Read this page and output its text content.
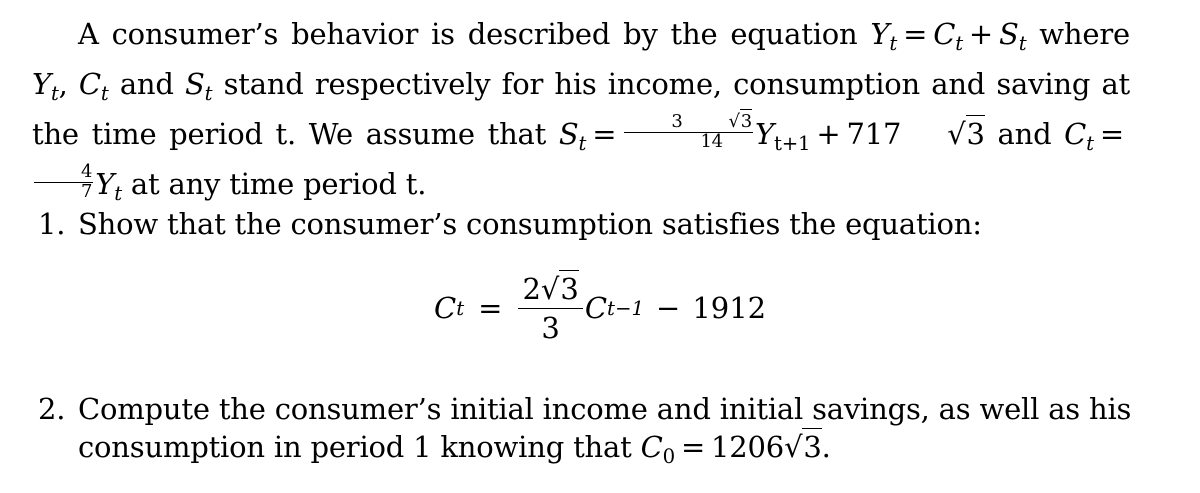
A consumer’s behavior is described by the equation $Y_t = C_t + S_t$ where $Y_t$, $C_t$ and $S_t$ stand respectively for his income, consumption and saving at the time period t. We assume that $S_t = 3$	√3
14 $Y_{t+1} + 717$ √3 and $C_t$ =
$\frac{4}{7} Y_t$ at any time period t.

1. Show that the consumer’s consumption satisfies the equation:
C $t = \frac{2√3}{3}$ C t−1 − 1912
2. Compute the consumer’s initial income and initial savings, as well as his
consumption in period 1 knowing that $C_0 = 1206√3$.
